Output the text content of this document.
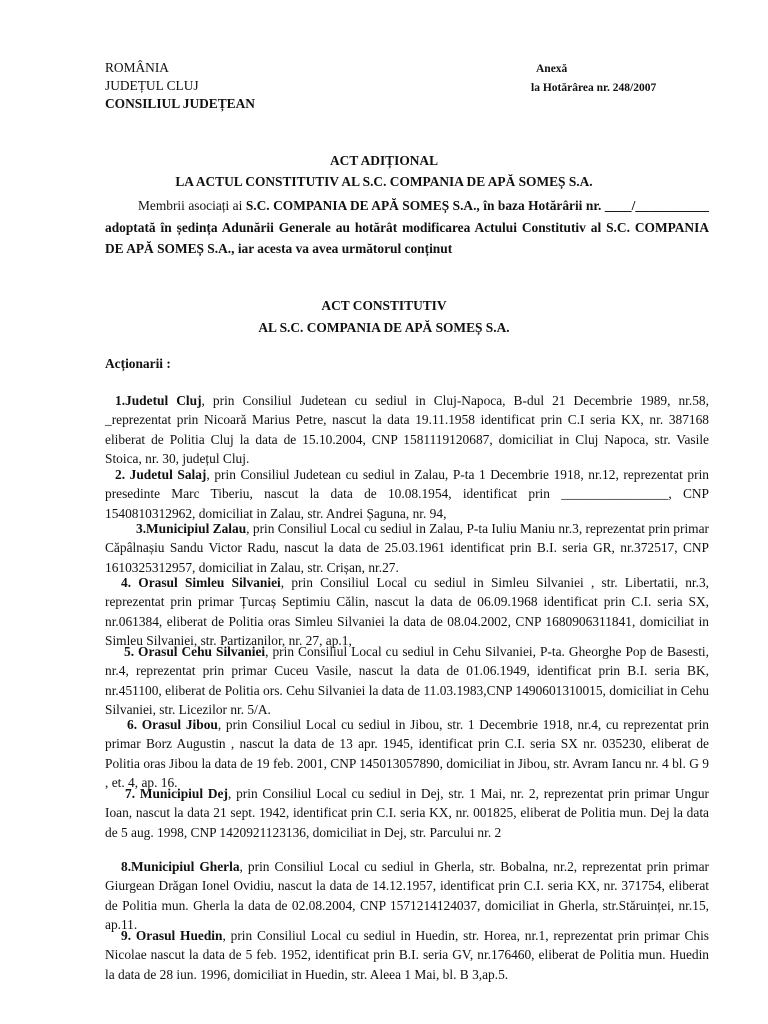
ROMÂNIA
JUDEȚUL CLUJ
CONSILIUL JUDEȚEAN
Anexă
la Hotărârea nr. 248/2007
ACT ADIȚIONAL
LA ACTUL CONSTITUTIV AL S.C. COMPANIA DE APĂ SOMEȘ S.A.
Membrii asociați ai S.C. COMPANIA DE APĂ SOMEȘ S.A., în baza Hotărârii nr. ____/___________ adoptată în ședința Adunării Generale au hotărât modificarea Actului Constitutiv al S.C. COMPANIA DE APĂ SOMEȘ S.A., iar acesta va avea următorul conținut
ACT CONSTITUTIV
AL S.C. COMPANIA DE APĂ SOMEȘ S.A.
Acționarii :
1.Judetul Cluj, prin Consiliul Judetean cu sediul in Cluj-Napoca, B-dul 21 Decembrie 1989, nr.58, _reprezentat prin Nicoară Marius Petre, nascut la data 19.11.1958 identificat prin C.I seria KX, nr. 387168 eliberat de Politia Cluj la data de 15.10.2004, CNP 1581119120687, domiciliat in Cluj Napoca, str. Vasile Stoica, nr. 30, județul Cluj.
2. Judetul Salaj, prin Consiliul Judetean cu sediul in Zalau, P-ta 1 Decembrie 1918, nr.12, reprezentat prin presedinte Marc Tiberiu, nascut la data de 10.08.1954, identificat prin ________________, CNP 1540810312962, domiciliat in Zalau, str. Andrei Șaguna, nr. 94,
3.Municipiul Zalau, prin Consiliul Local cu sediul in Zalau, P-ta Iuliu Maniu nr.3, reprezentat prin primar Căpâlnașiu Sandu Victor Radu, nascut la data de 25.03.1961 identificat prin B.I. seria GR, nr.372517, CNP 1610325312957, domiciliat in Zalau, str. Crișan, nr.27.
4. Orasul Simleu Silvaniei, prin Consiliul Local cu sediul in Simleu Silvaniei , str. Libertatii, nr.3, reprezentat prin primar Țurcaș Septimiu Călin, nascut la data de 06.09.1968 identificat prin C.I. seria SX, nr.061384, eliberat de Politia oras Simleu Silvaniei la data de 08.04.2002, CNP 1680906311841, domiciliat in Simleu Silvaniei, str. Partizanilor, nr. 27, ap.1,
5. Orasul Cehu Silvaniei, prin Consiliul Local cu sediul in Cehu Silvaniei, P-ta. Gheorghe Pop de Basesti, nr.4, reprezentat prin primar Cuceu Vasile, nascut la data de 01.06.1949, identificat prin B.I. seria BK, nr.451100, eliberat de Politia ors. Cehu Silvaniei la data de 11.03.1983,CNP 1490601310015, domiciliat in Cehu Silvaniei, str. Licezilor nr. 5/A.
6. Orasul Jibou, prin Consiliul Local cu sediul in Jibou, str. 1 Decembrie 1918, nr.4, cu reprezentat prin primar Borz Augustin , nascut la data de 13 apr. 1945, identificat prin C.I. seria SX nr. 035230, eliberat de Politia oras Jibou la data de 19 feb. 2001, CNP 145013057890, domiciliat in Jibou, str. Avram Iancu nr. 4 bl. G 9 , et. 4, ap. 16.
7. Municipiul Dej, prin Consiliul Local cu sediul in Dej, str. 1 Mai, nr. 2, reprezentat prin primar Ungur Ioan, nascut la data 21 sept. 1942, identificat prin C.I. seria KX, nr. 001825, eliberat de Politia mun. Dej la data de 5 aug. 1998, CNP 1420921123136, domiciliat in Dej, str. Parcului nr. 2
8.Municipiul Gherla, prin Consiliul Local cu sediul in Gherla, str. Bobalna, nr.2, reprezentat prin primar Giurgean Drăgan Ionel Ovidiu, nascut la data de 14.12.1957, identificat prin C.I. seria KX, nr. 371754, eliberat de Politia mun. Gherla la data de 02.08.2004, CNP 1571214124037, domiciliat in Gherla, str.Stăruinței, nr.15, ap.11.
9. Orasul Huedin, prin Consiliul Local cu sediul in Huedin, str. Horea, nr.1, reprezentat prin primar Chis Nicolae nascut la data de 5 feb. 1952, identificat prin B.I. seria GV, nr.176460, eliberat de Politia mun. Huedin la data de 28 iun. 1996, domiciliat in Huedin, str. Aleea 1 Mai, bl. B 3,ap.5.
